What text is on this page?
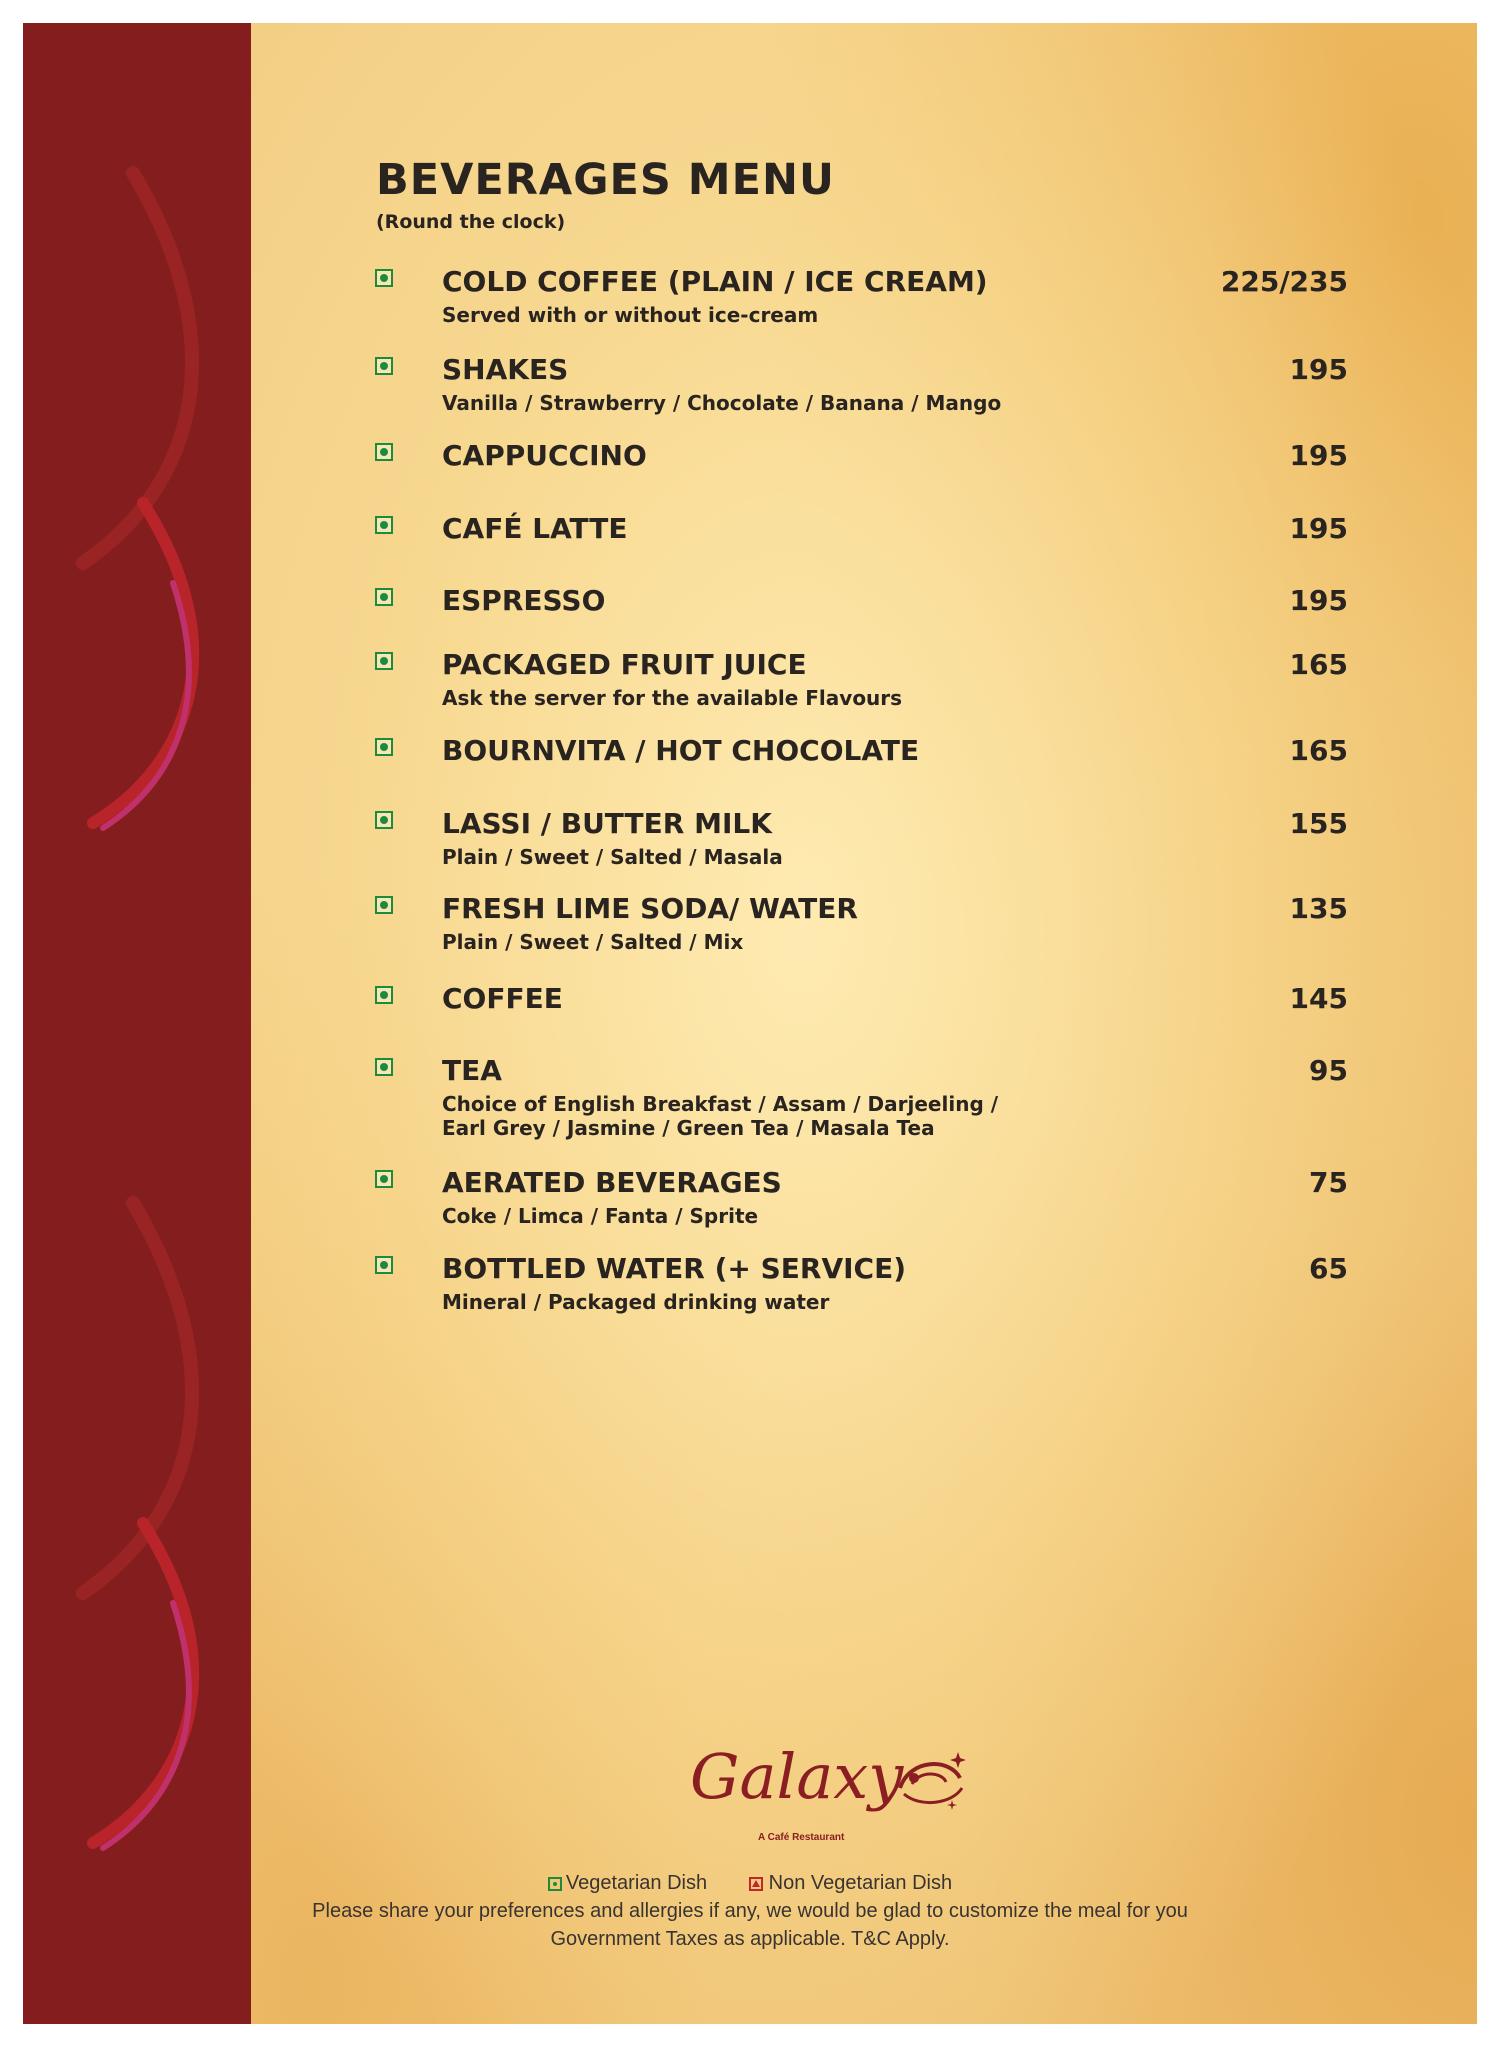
BEVERAGES MENU
(Round the clock)
COLD COFFEE (PLAIN / ICE CREAM)
Served with or without ice-cream
225/235
SHAKES
Vanilla / Strawberry / Chocolate / Banana / Mango
195
CAPPUCCINO	195
CAFÉ LATTE	195
ESPRESSO	195
PACKAGED FRUIT JUICE
Ask the server for the available Flavours
165
BOURNVITA / HOT CHOCOLATE	165
LASSI / BUTTER MILK
Plain / Sweet / Salted / Masala
155
FRESH LIME SODA/ WATER
Plain / Sweet / Salted / Mix
135
COFFEE	145
TEA
Choice of English Breakfast / Assam / Darjeeling / Earl Grey / Jasmine / Green Tea / Masala Tea
95
AERATED BEVERAGES
Coke / Limca / Fanta / Sprite
75
BOTTLED WATER (+ SERVICE)
Mineral / Packaged drinking water
65
Galaxy
A Café Restaurant
Vegetarian Dish
	Non Vegetarian Dish
Please share your preferences and allergies if any, we would be glad to customize the meal for you
Government Taxes as applicable. T&C Apply.
